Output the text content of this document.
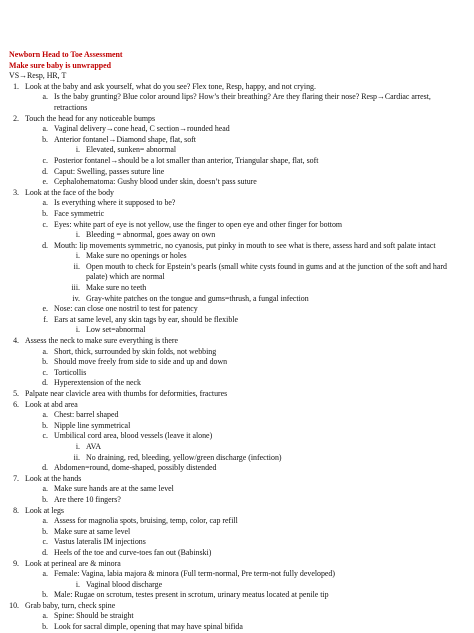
Newborn Head to Toe Assessment
Make sure baby is unwrapped
VS→Resp, HR, T
1. Look at the baby and ask yourself, what do you see? Flex tone, Resp, happy, and not crying.
a. Is the baby grunting? Blue color around lips? How’s their breathing? Are they flaring their nose? Resp→Cardiac arrest, retractions
2. Touch the head for any noticeable bumps
a. Vaginal delivery→cone head, C section→rounded head
b. Anterior fontanel→Diamond shape, flat, soft
i. Elevated, sunken= abnormal
c. Posterior fontanel→should be a lot smaller than anterior, Triangular shape, flat, soft
d. Caput: Swelling, passes suture line
e. Cephalohematoma: Gushy blood under skin, doesn’t pass suture
3. Look at the face of the body
a. Is everything where it supposed to be?
b. Face symmetric
c. Eyes: white part of eye is not yellow, use the finger to open eye and other finger for bottom
i. Bleeding = abnormal, goes away on own
d. Mouth: lip movements symmetric, no cyanosis, put pinky in mouth to see what is there, assess hard and soft palate intact
i. Make sure no openings or holes
ii. Open mouth to check for Epstein’s pearls (small white cysts found in gums and at the junction of the soft and hard palate) which are normal
iii. Make sure no teeth
iv. Gray-white patches on the tongue and gums=thrush, a fungal infection
e. Nose: can close one nostril to test for patency
f. Ears at same level, any skin tags by ear, should be flexible
i. Low set=abnormal
4. Assess the neck to make sure everything is there
a. Short, thick, surrounded by skin folds, not webbing
b. Should move freely from side to side and up and down
c. Torticollis
d. Hyperextension of the neck
5. Palpate near clavicle area with thumbs for deformities, fractures
6. Look at abd area
a. Chest: barrel shaped
b. Nipple line symmetrical
c. Umbilical cord area, blood vessels (leave it alone)
i. AVA
ii. No draining, red, bleeding, yellow/green discharge (infection)
d. Abdomen=round, dome-shaped, possibly distended
7. Look at the hands
a. Make sure hands are at the same level
b. Are there 10 fingers?
8. Look at legs
a. Assess for magnolia spots, bruising, temp, color, cap refill
b. Make sure at same level
c. Vastus lateralis IM injections
d. Heels of the toe and curve-toes fan out (Babinski)
9. Look at perineal are & minora
a. Female: Vagina, labia majora & minora (Full term-normal, Pre term-not fully developed)
i. Vaginal blood discharge
b. Male: Rugae on scrotum, testes present in scrotum, urinary meatus located at penile tip
10. Grab baby, turn, check spine
a. Spine: Should be straight
b. Look for sacral dimple, opening that may have spinal bifida
